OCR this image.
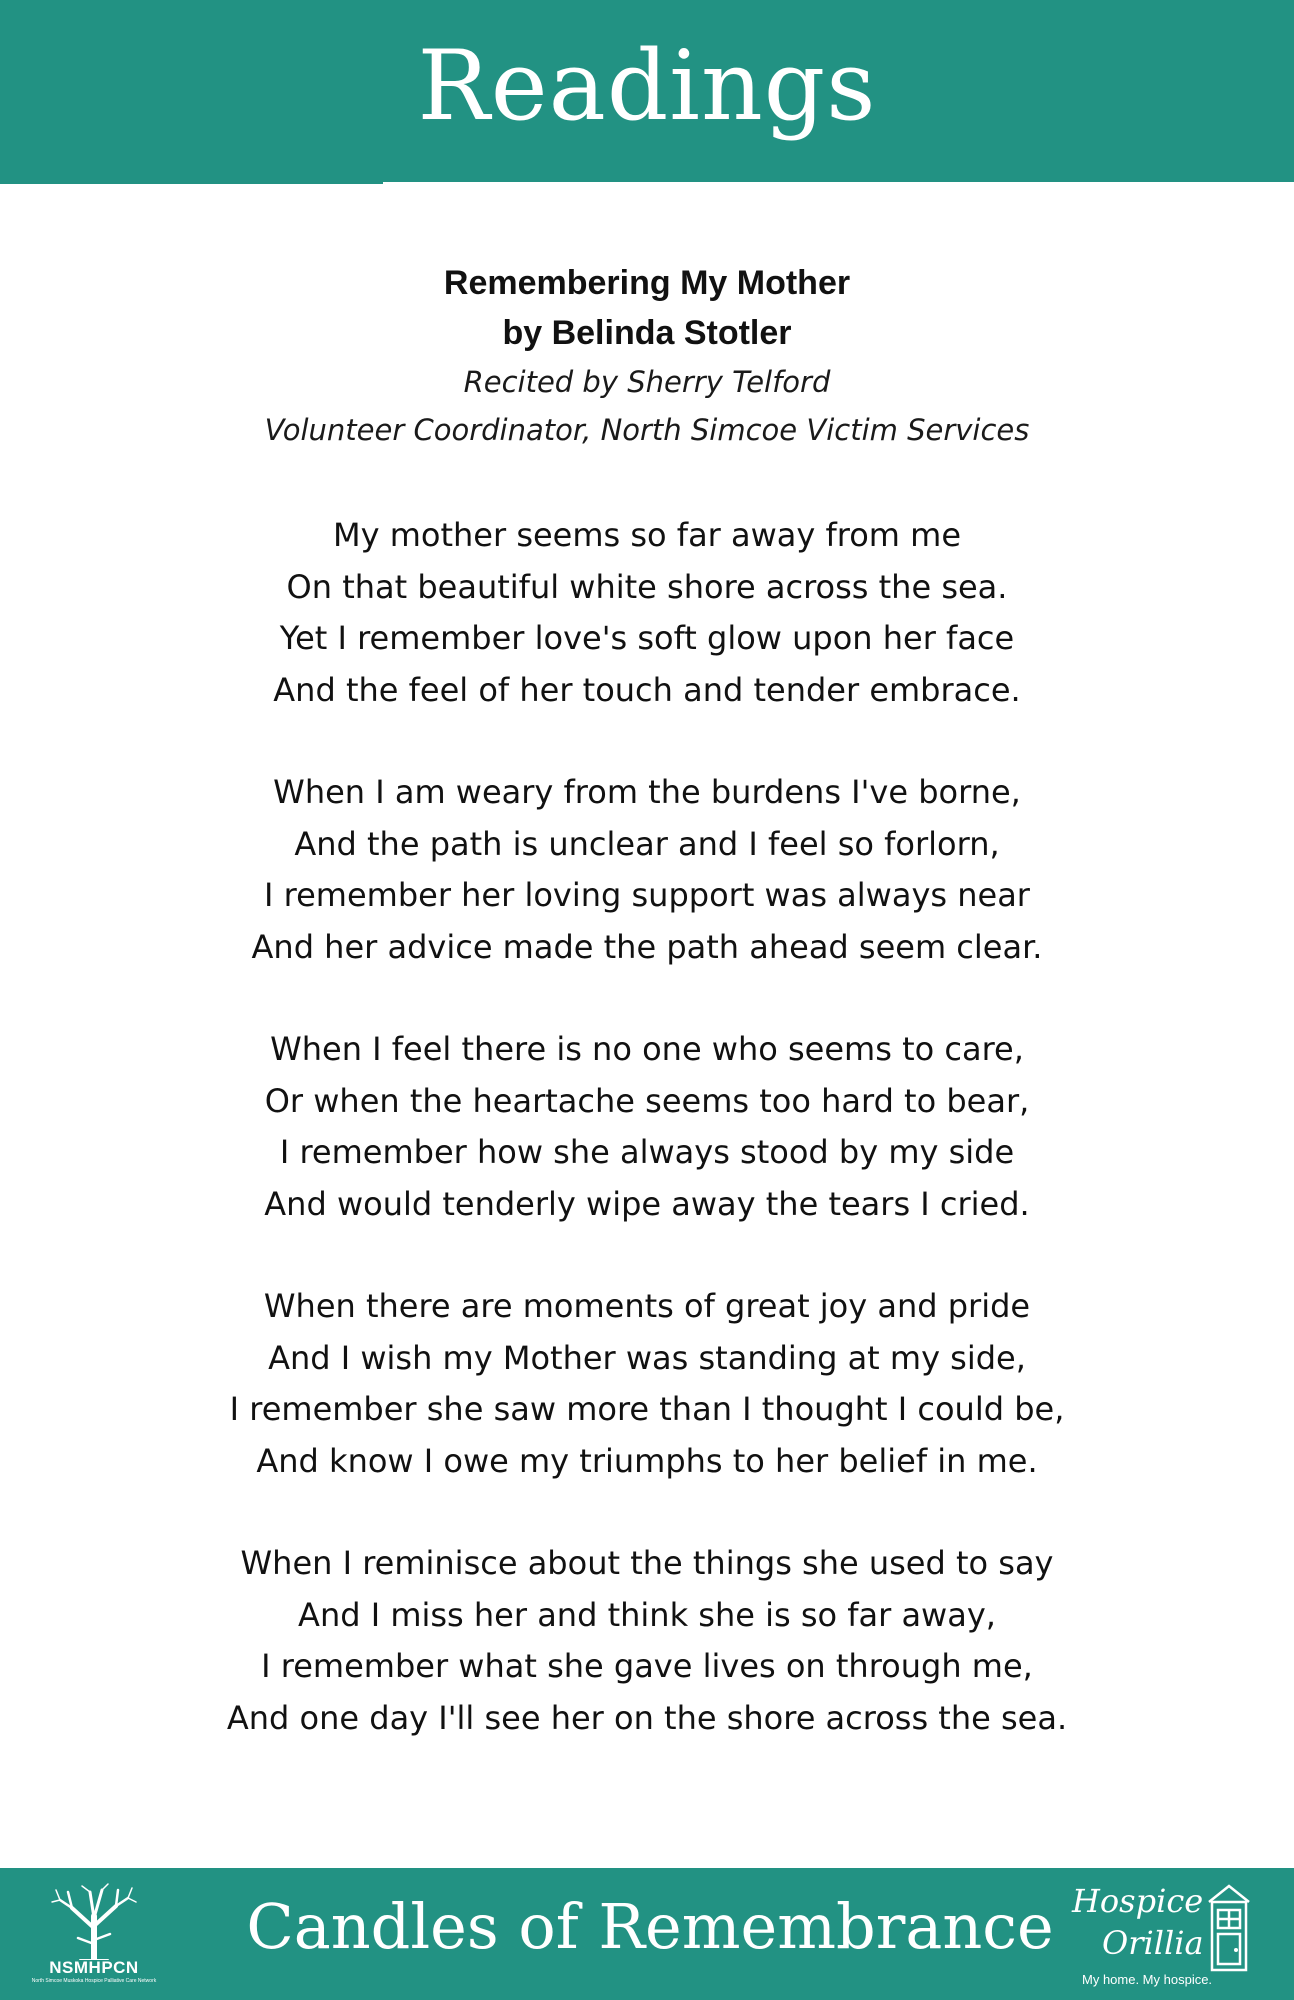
Readings
Remembering My Mother
by Belinda Stotler
Recited by Sherry Telford
Volunteer Coordinator, North Simcoe Victim Services
My mother seems so far away from me
On that beautiful white shore across the sea.
Yet I remember love's soft glow upon her face
And the feel of her touch and tender embrace.
When I am weary from the burdens I've borne,
And the path is unclear and I feel so forlorn,
I remember her loving support was always near
And her advice made the path ahead seem clear.
When I feel there is no one who seems to care,
Or when the heartache seems too hard to bear,
I remember how she always stood by my side
And would tenderly wipe away the tears I cried.
When there are moments of great joy and pride
And I wish my Mother was standing at my side,
I remember she saw more than I thought I could be,
And know I owe my triumphs to her belief in me.
When I reminisce about the things she used to say
And I miss her and think she is so far away,
I remember what she gave lives on through me,
And one day I'll see her on the shore across the sea.
NSMHPCN
North Simcoe Muskoka Hospice Palliative Care Network
Candles of Remembrance Hospice
Orillia
My home. My hospice.
